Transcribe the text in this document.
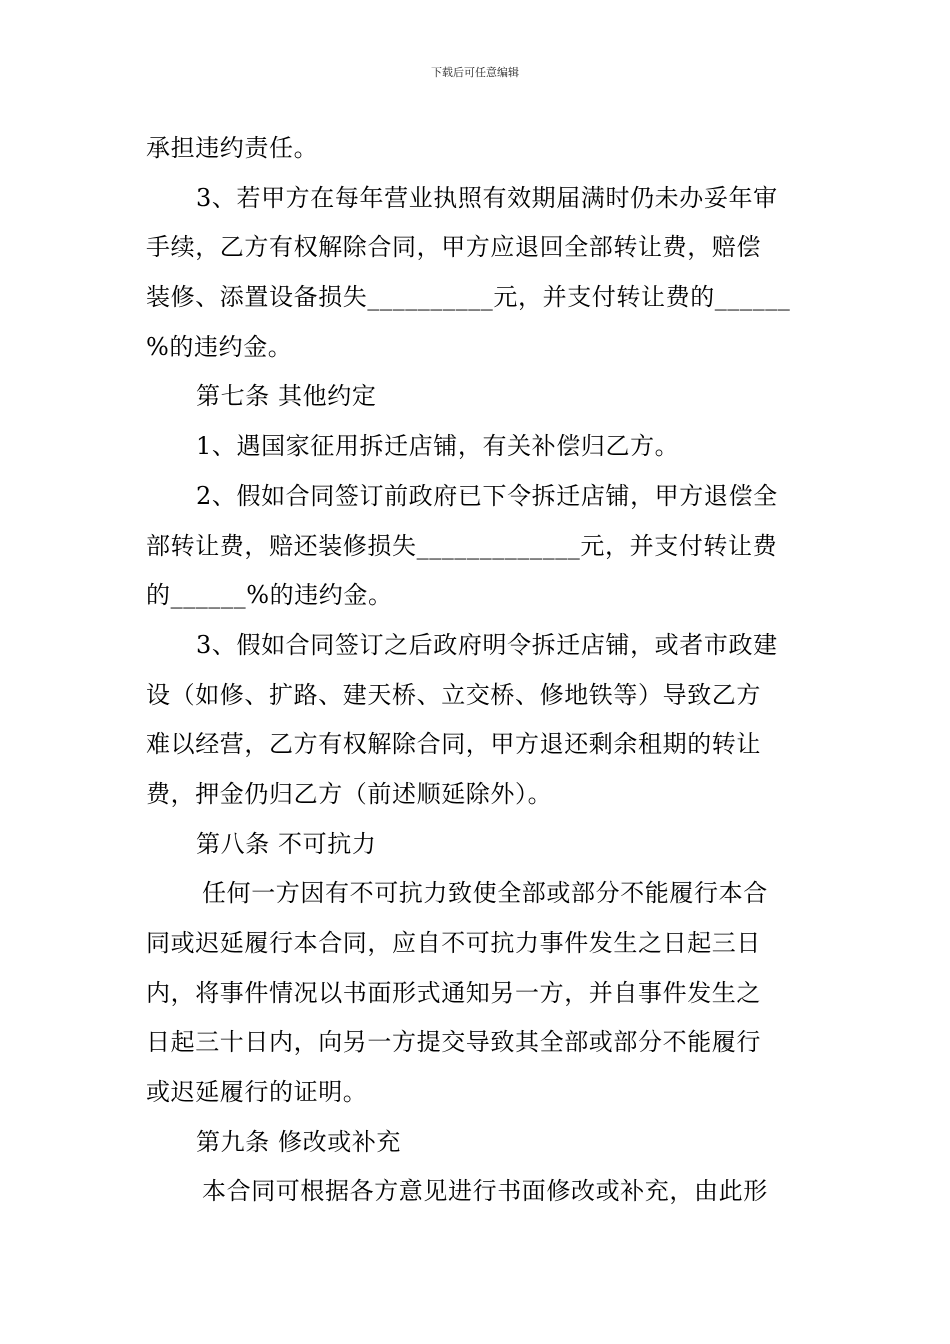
下载后可任意编辑
承担违约责任。
3、若甲方在每年营业执照有效期届满时仍未办妥年审
手续，乙方有权解除合同，甲方应退回全部转让费，赔偿
装修、添置设备损失__________元，并支付转让费的______
%的违约金。
第七条 其他约定
1、遇国家征用拆迁店铺，有关补偿归乙方。
2、假如合同签订前政府已下令拆迁店铺，甲方退偿全
部转让费，赔还装修损失_____________元，并支付转让费
的______%的违约金。
3、假如合同签订之后政府明令拆迁店铺，或者市政建
设（如修、扩路、建天桥、立交桥、修地铁等）导致乙方
难以经营，乙方有权解除合同，甲方退还剩余租期的转让
费，押金仍归乙方（前述顺延除外）。
第八条 不可抗力
任何一方因有不可抗力致使全部或部分不能履行本合
同或迟延履行本合同，应自不可抗力事件发生之日起三日
内，将事件情况以书面形式通知另一方，并自事件发生之
日起三十日内，向另一方提交导致其全部或部分不能履行
或迟延履行的证明。
第九条 修改或补充
本合同可根据各方意见进行书面修改或补充，由此形
